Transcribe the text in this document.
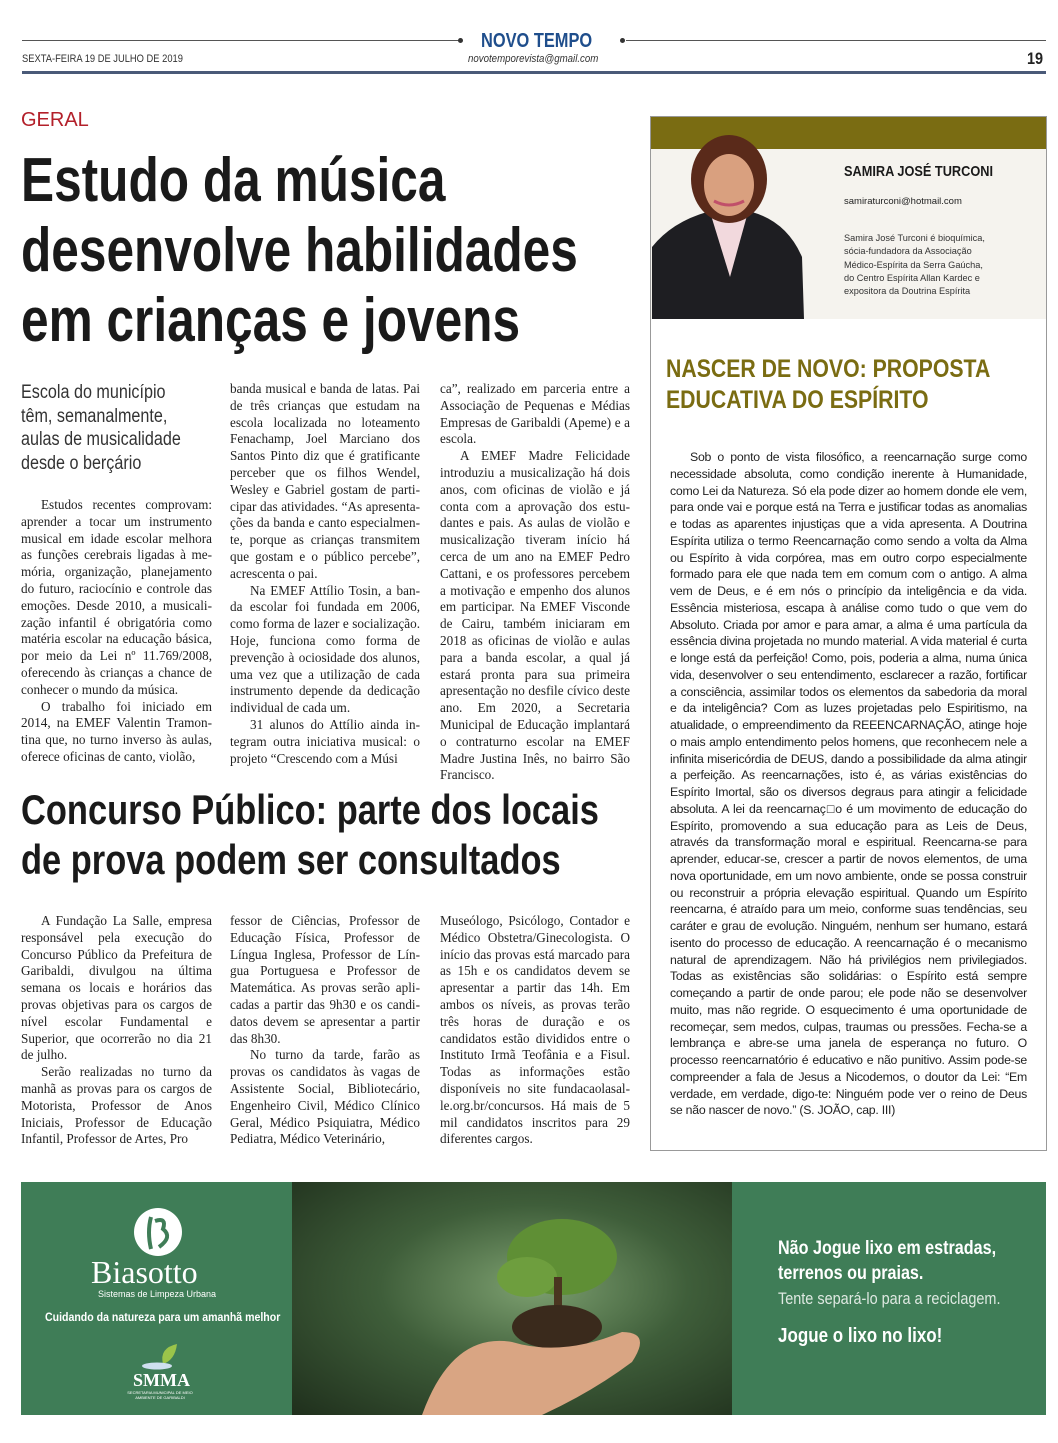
NOVO TEMPO
SEXTA-FEIRA 19 DE JULHO DE 2019	novotemporevista@gmail.com	19
GERAL
Estudo da música
desenvolve habilidades
em crianças e jovens
Escola do município
têm, semanalmente,
aulas de musicalidade
desde o berçário

Estudos recentes comprovam: aprender a tocar um instrumento musical em idade escolar melhora as funções cerebrais ligadas à memória, organização, planejamento do futuro, raciocínio e controle das emoções. Desde 2010, a musicalização infantil é obrigatória como matéria escolar na educação básica, por meio da Lei nº 11.769/2008, oferecendo às crianças a chance de conhecer o mundo da música.

O trabalho foi iniciado em 2014, na EMEF Valentin Tramontina que, no turno inverso às aulas, oferece oficinas de canto, violão,

banda musical e banda de latas. Pai de três crianças que estudam na escola localizada no loteamento Fenachamp, Joel Marciano dos Santos Pinto diz que é gratificante perceber que os filhos Wendel, Wesley e Gabriel gostam de participar das atividades. “As apresentações da banda e canto especialmente, porque as crianças transmitem que gostam e o público percebe”, acrescenta o pai.

Na EMEF Attílio Tosin, a banda escolar foi fundada em 2006, como forma de lazer e socialização. Hoje, funciona como forma de prevenção à ociosidade dos alunos, uma vez que a utilização de cada instrumento depende da dedicação individual de cada um.

31 alunos do Attílio ainda integram outra iniciativa musical: o projeto “Crescendo com a Músi

ca”, realizado em parceria entre a Associação de Pequenas e Médias Empresas de Garibaldi (Apeme) e a escola.

A EMEF Madre Felicidade introduziu a musicalização há dois anos, com oficinas de violão e já conta com a aprovação dos estudantes e pais. As aulas de violão e musicalização tiveram início há cerca de um ano na EMEF Pedro Cattani, e os professores percebem a motivação e empenho dos alunos em participar. Na EMEF Visconde de Cairu, também iniciaram em 2018 as oficinas de violão e aulas para a banda escolar, a qual já estará pronta para sua primeira apresentação no desfile cívico deste ano. Em 2020, a Secretaria Municipal de Educação implantará o contraturno escolar na EMEF Madre Justina Inês, no bairro São Francisco.

Concurso Público: parte dos locais
de prova podem ser consultados

A Fundação La Salle, empresa responsável pela execução do Concurso Público da Prefeitura de Garibaldi, divulgou na última semana os locais e horários das provas objetivas para os cargos de nível escolar Fundamental e Superior, que ocorrerão no dia 21 de julho.

Serão realizadas no turno da manhã as provas para os cargos de Motorista, Professor de Anos Iniciais, Professor de Educação Infantil, Professor de Artes, Pro

fessor de Ciências, Professor de Educação Física, Professor de Língua Inglesa, Professor de Língua Portuguesa e Professor de Matemática. As provas serão aplicadas a partir das 9h30 e os candidatos devem se apresentar a partir das 8h30.

No turno da tarde, farão as provas os candidatos às vagas de Assistente Social, Bibliotecário, Engenheiro Civil, Médico Clínico Geral, Médico Psiquiatra, Médico Pediatra, Médico Veterinário,

Museólogo, Psicólogo, Contador e Médico Obstetra/Ginecologista. O início das provas está marcado para as 15h e os candidatos devem se apresentar a partir das 14h. Em ambos os níveis, as provas terão três horas de duração e os candidatos estão divididos entre o Instituto Irmã Teofânia e a Fisul. Todas as informações estão disponíveis no site fundacaolasalle.org.br/concursos. Há mais de 5 mil candidatos inscritos para 29 diferentes cargos.

SAMIRA JOSÉ TURCONI
samiraturconi@hotmail.com
Samira José Turconi é bioquímica, sócia-fundadora da Associação Médico-Espírita da Serra Gaúcha, do Centro Espírita Allan Kardec e expositora da Doutrina Espírita
NASCER DE NOVO: PROPOSTA
EDUCATIVA DO ESPÍRITO
Sob o ponto de vista filosófico, a reencarnação surge como necessidade absoluta, como condição inerente à Humanidade, como Lei da Natureza. Só ela pode dizer ao homem donde ele vem, para onde vai e porque está na Terra e justificar todas as anomalias e todas as aparentes injustiças que a vida apresenta. A Doutrina Espírita utiliza o termo Reencarnação como sendo a volta da Alma ou Espírito à vida corpórea, mas em outro corpo especialmente formado para ele que nada tem em comum com o antigo. A alma vem de Deus, e é em nós o princípio da inteligência e da vida. Essência misteriosa, escapa à análise como tudo o que vem do Absoluto. Criada por amor e para amar, a alma é uma partícula da essência divina projetada no mundo material. A vida material é curta e longe está da perfeição! Como, pois, poderia a alma, numa única vida, desenvolver o seu entendimento, esclarecer a razão, fortificar a consciência, assimilar todos os elementos da sabedoria da moral e da inteligência? Com as luzes projetadas pelo Espiritismo, na atualidade, o empreendimento da REEENCARNAÇÃO, atinge hoje o mais amplo entendimento pelos homens, que reconhecem nele a infinita misericórdia de DEUS, dando a possibilidade da alma atingir a perfeição. As reencarnações, isto é, as várias existências do Espírito Imortal, são os diversos degraus para atingir a felicidade absoluta. A lei da reencarnaç□o é um movimento de educação do Espírito, promovendo a sua educação para as Leis de Deus, através da transformação moral e espiritual. Reencarna-se para aprender, educar-se, crescer a partir de novos elementos, de uma nova oportunidade, em um novo ambiente, onde se possa construir ou reconstruir a própria elevação espiritual. Quando um Espírito reencarna, é atraído para um meio, conforme suas tendências, seu caráter e grau de evolução. Ninguém, nenhum ser humano, estará isento do processo de educação. A reencarnação é o mecanismo natural de aprendizagem. Não há privilégios nem privilegiados. Todas as existências são solidárias: o Espírito está sempre começando a partir de onde parou; ele pode não se desenvolver muito, mas não regride. O esquecimento é uma oportunidade de recomeçar, sem medos, culpas, traumas ou pressões. Fecha-se a lembrança e abre-se uma janela de esperança no futuro. O processo reencarnatório é educativo e não punitivo. Assim pode-se compreender a fala de Jesus a Nicodemos, o doutor da Lei: “Em verdade, em verdade, digo-te: Ninguém pode ver o reino de Deus se não nascer de novo.” (S. JOÃO, cap. III)
Biasotto
Sistemas de Limpeza Urbana
Cuidando da natureza para um amanhã melhor
SMMA
SECRETARIA MUNICIPAL DE MEIO AMBIENTE DE GARIBALDI
Não Jogue lixo em estradas,
terrenos ou praias.
Tente separá-lo para a reciclagem.
Jogue o lixo no lixo!
